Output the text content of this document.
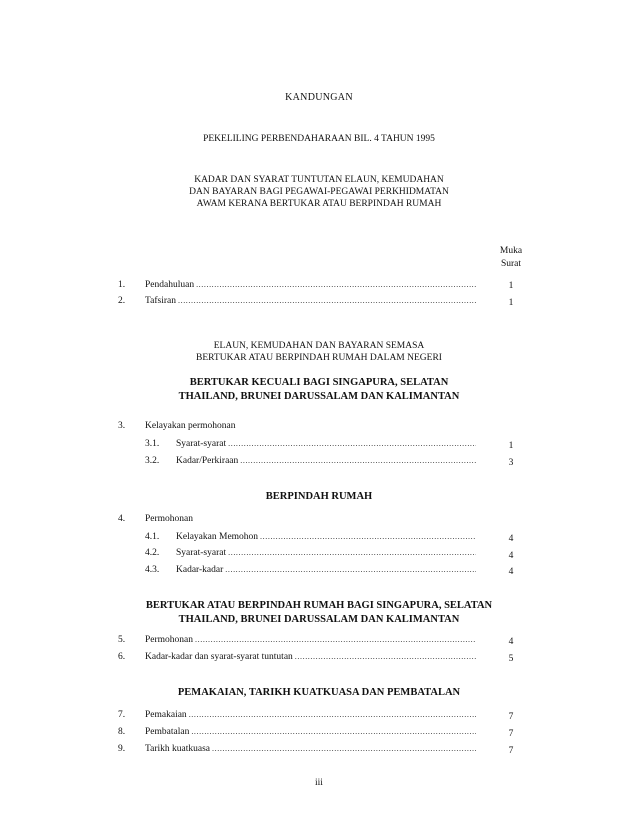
KANDUNGAN
PEKELILING PERBENDAHARAAN BIL. 4 TAHUN 1995
KADAR DAN SYARAT TUNTUTAN ELAUN, KEMUDAHAN
DAN BAYARAN BAGI PEGAWAI-PEGAWAI PERKHIDMATAN
AWAM KERANA BERTUKAR ATAU BERPINDAH RUMAH
Muka
Surat
1.	Pendahuluan .....	1
2.	Tafsiran .....	1
ELAUN, KEMUDAHAN DAN BAYARAN SEMASA
BERTUKAR ATAU BERPINDAH RUMAH DALAM NEGERI
BERTUKAR KECUALI BAGI SINGAPURA, SELATAN
THAILAND, BRUNEI DARUSSALAM DAN KALIMANTAN
3. Kelayakan permohonan
3.1.	Syarat-syarat .....	1
3.2.	Kadar/Perkiraan .....	3
BERPINDAH RUMAH
4. Permohonan
4.1.	Kelayakan Memohon .....	4
4.2.	Syarat-syarat .....	4
4.3.	Kadar-kadar .....	4
BERTUKAR ATAU BERPINDAH RUMAH BAGI SINGAPURA, SELATAN
THAILAND, BRUNEI DARUSSALAM DAN KALIMANTAN
5.	Permohonan .....	4
6.	Kadar-kadar dan syarat-syarat tuntutan .....	5
PEMAKAIAN, TARIKH KUATKUASA DAN PEMBATALAN
7.	Pemakaian .....	7
8.	Pembatalan .....	7
9.	Tarikh kuatkuasa .....	7
iii
